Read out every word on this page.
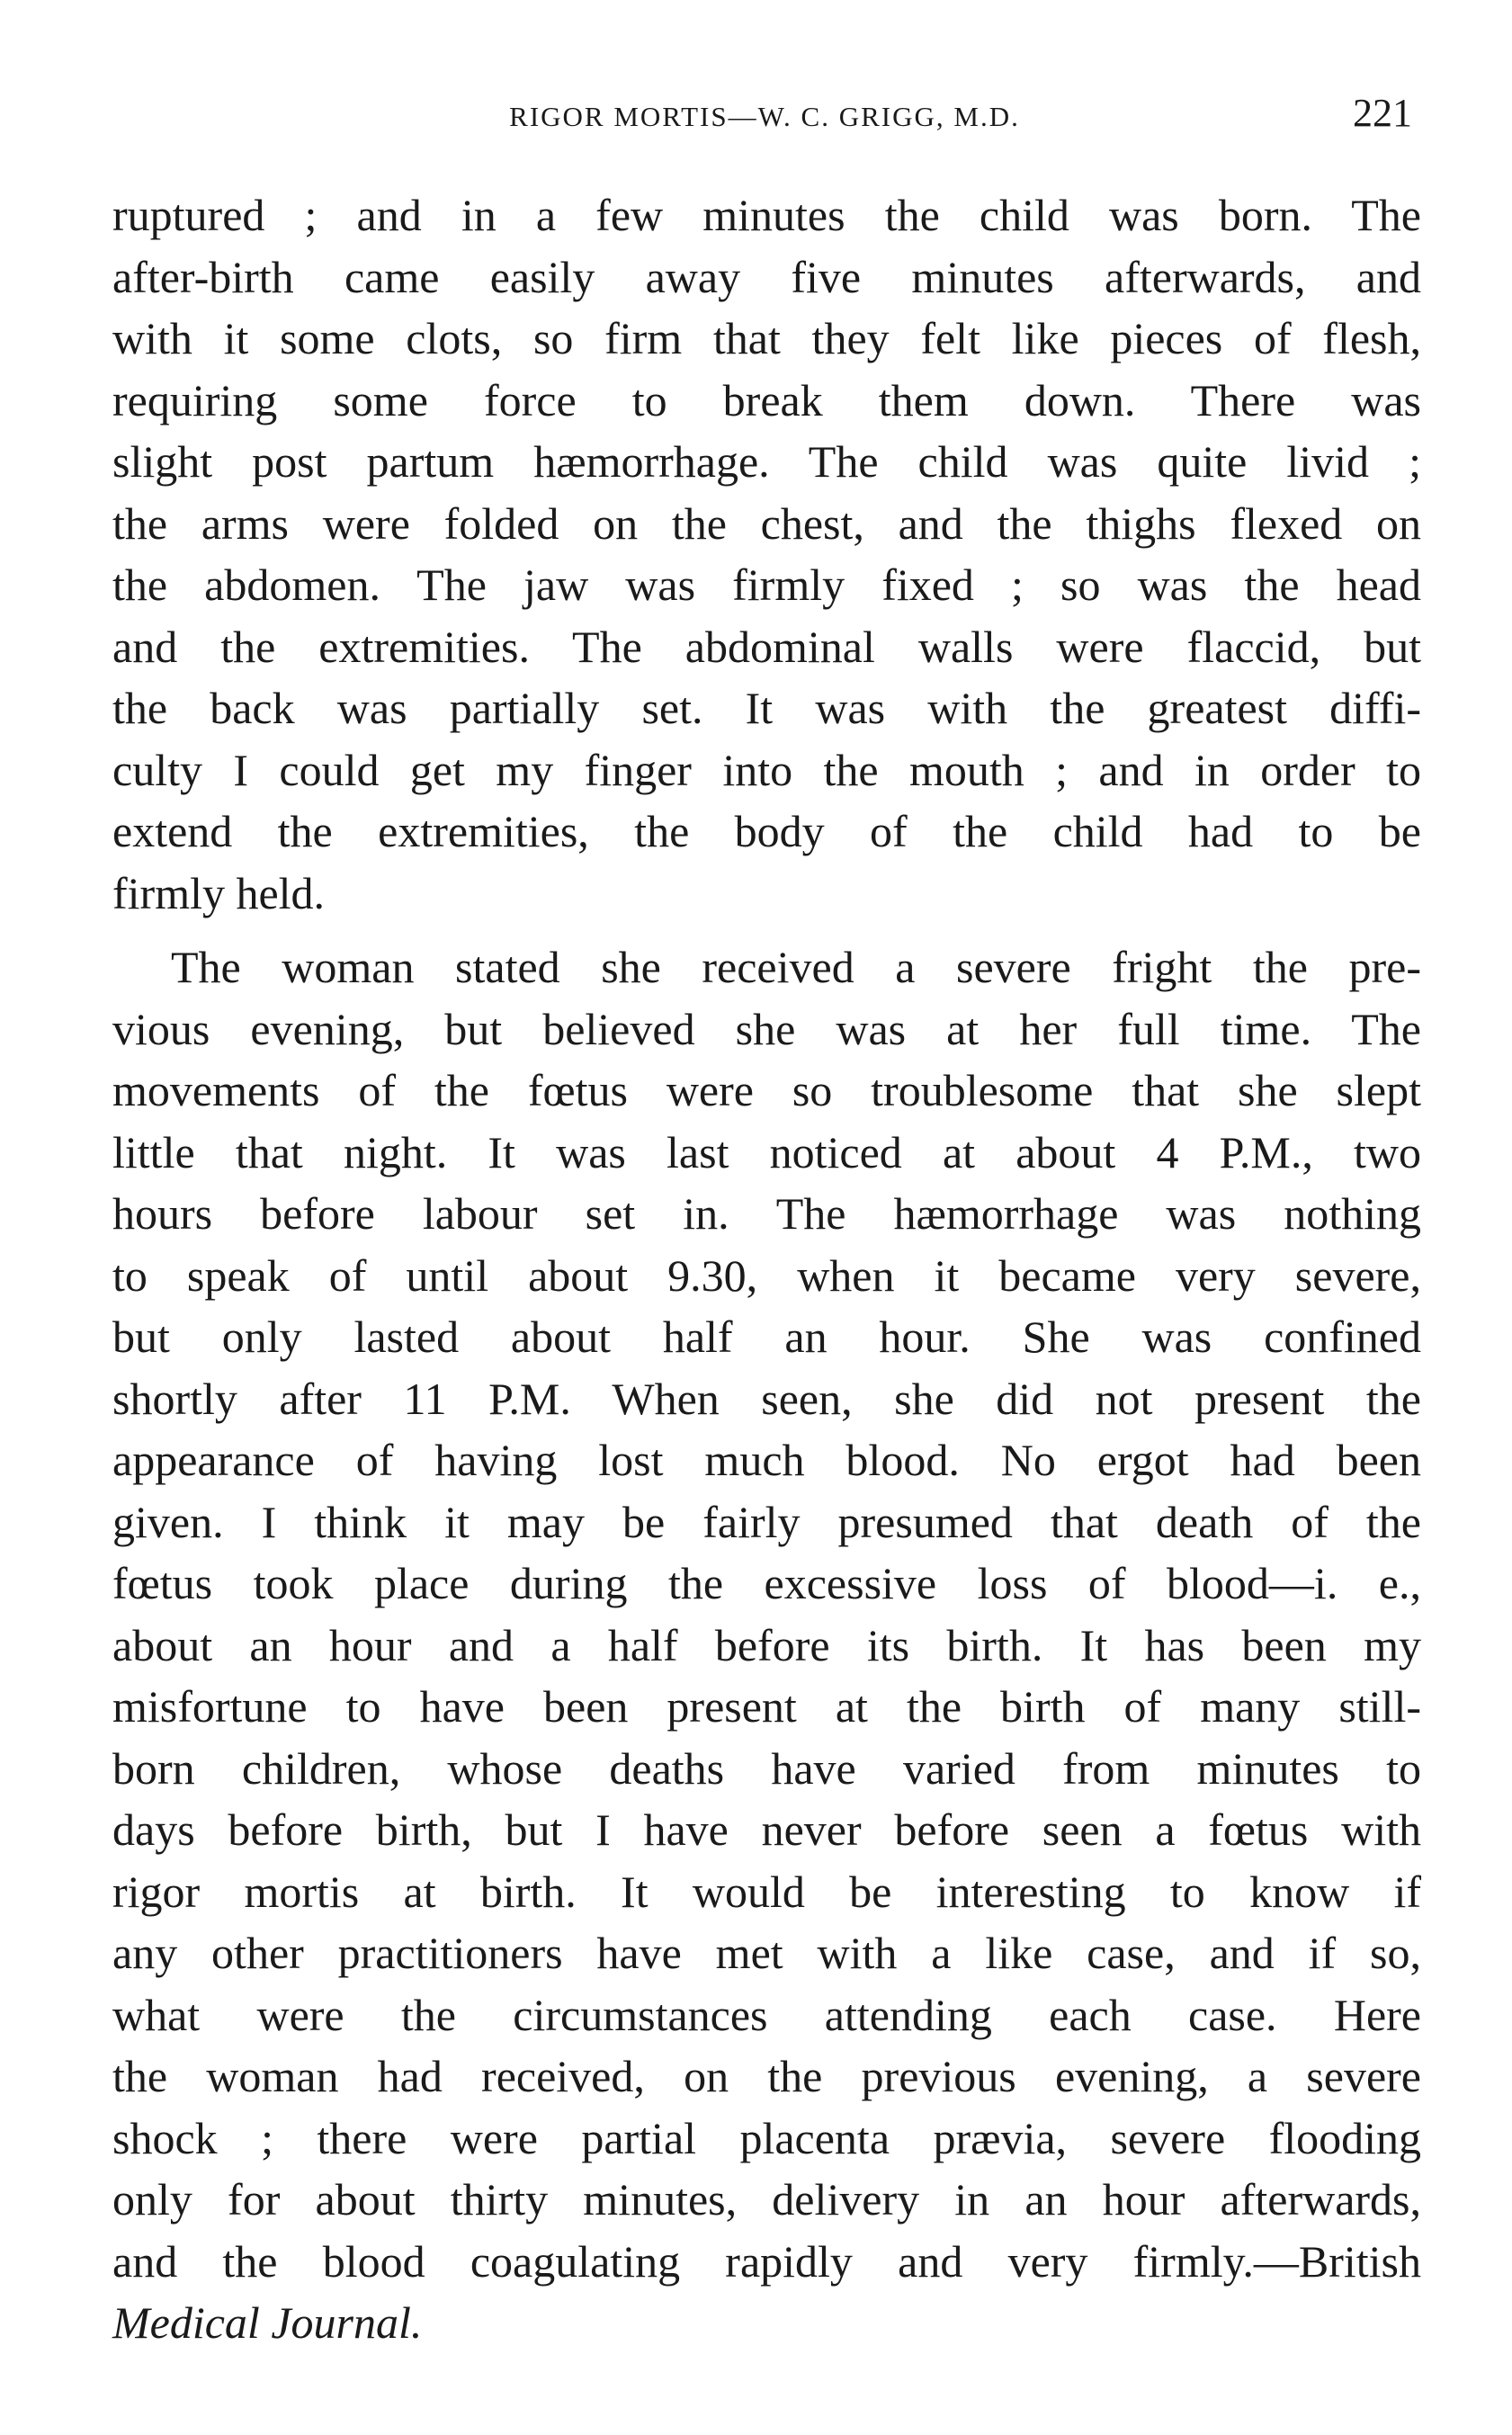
RIGOR MORTIS—W. C. GRIGG, M.D.	221
ruptured ; and in a few minutes the child was born. The
after-birth came easily away five minutes afterwards, and
with it some clots, so firm that they felt like pieces of flesh,
requiring some force to break them down. There was
slight post partum hæmorrhage. The child was quite livid ;
the arms were folded on the chest, and the thighs flexed on
the abdomen. The jaw was firmly fixed ; so was the head
and the extremities. The abdominal walls were flaccid, but
the back was partially set. It was with the greatest diffi-
culty I could get my finger into the mouth ; and in order to
extend the extremities, the body of the child had to be
firmly held.
The woman stated she received a severe fright the pre-
vious evening, but believed she was at her full time. The
movements of the fœtus were so troublesome that she slept
little that night. It was last noticed at about 4 P.M., two
hours before labour set in. The hæmorrhage was nothing
to speak of until about 9.30, when it became very severe,
but only lasted about half an hour. She was confined
shortly after 11 P.M. When seen, she did not present the
appearance of having lost much blood. No ergot had been
given. I think it may be fairly presumed that death of the
fœtus took place during the excessive loss of blood—i. e.,
about an hour and a half before its birth. It has been my
misfortune to have been present at the birth of many still-
born children, whose deaths have varied from minutes to
days before birth, but I have never before seen a fœtus with
rigor mortis at birth. It would be interesting to know if
any other practitioners have met with a like case, and if so,
what were the circumstances attending each case. Here
the woman had received, on the previous evening, a severe
shock ; there were partial placenta prævia, severe flooding
only for about thirty minutes, delivery in an hour afterwards,
and the blood coagulating rapidly and very firmly.—British
Medical Journal.
